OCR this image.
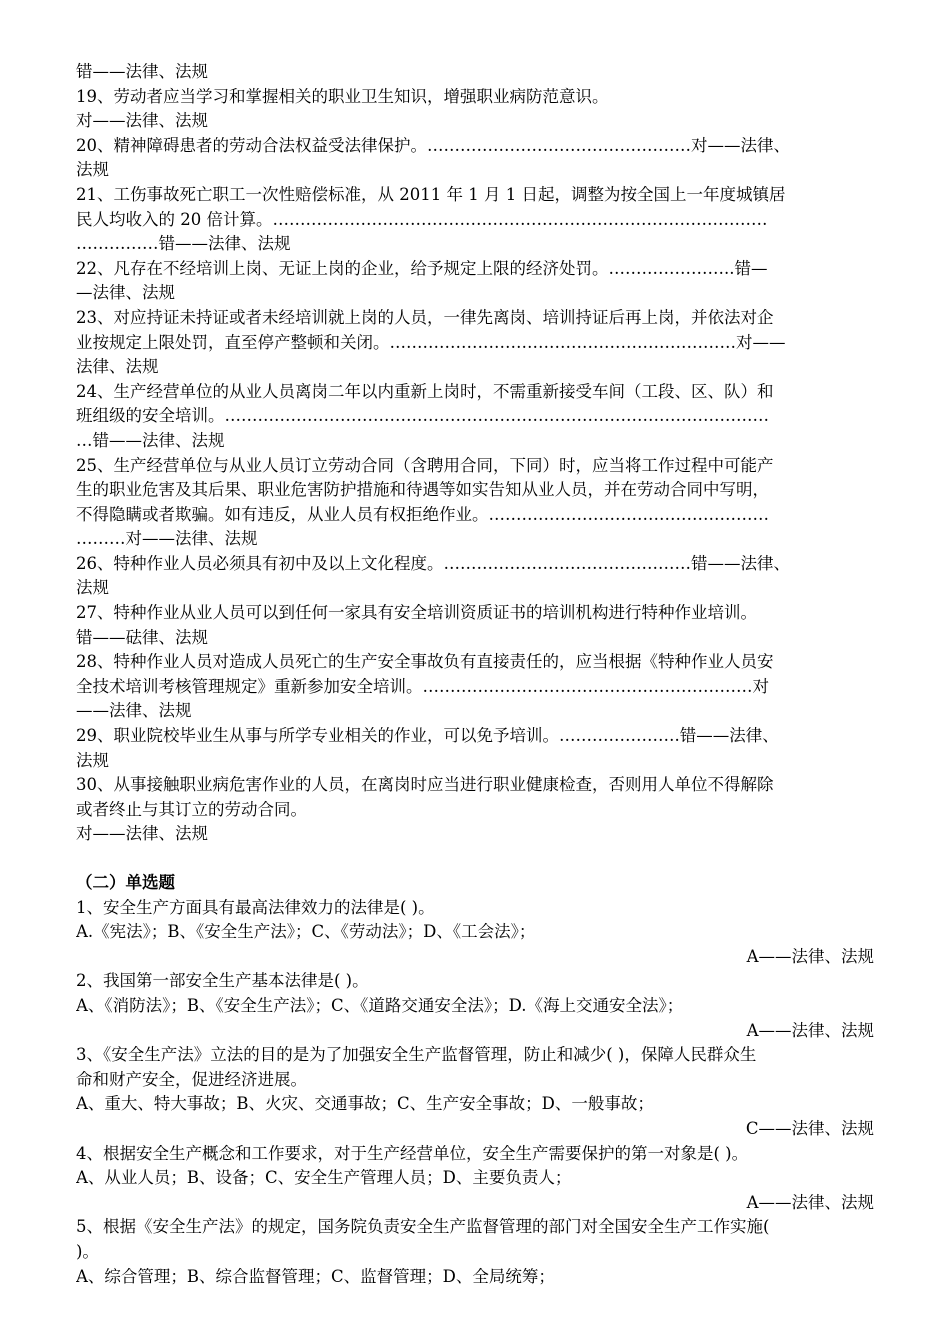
错——法律、法规
19、劳动者应当学习和掌握相关的职业卫生知识，增强职业病防范意识。
对——法律、法规
20、精神障碍患者的劳动合法权益受法律保护。…………………………………………对——法律、
法规
21、工伤事故死亡职工一次性赔偿标准，从 2011 年 1 月 1 日起，调整为按全国上一年度城镇居
民人均收入的 20 倍计算。………………………………………………………………………………
……………错——法律、法规
22、凡存在不经培训上岗、无证上岗的企业，给予规定上限的经济处罚。…………………..错—
—法律、法规
23、对应持证未持证或者未经培训就上岗的人员，一律先离岗、培训持证后再上岗，并依法对企
业按规定上限处罚，直至停产整顿和关闭。………………………………………………………对——
法律、法规
24、生产经营单位的从业人员离岗二年以内重新上岗时，不需重新接受车间（工段、区、队）和
班组级的安全培训。………………………………………………………………………………………
…错——法律、法规
25、生产经营单位与从业人员订立劳动合同（含聘用合同，下同）时，应当将工作过程中可能产
生的职业危害及其后果、职业危害防护措施和待遇等如实告知从业人员，并在劳动合同中写明，
不得隐瞒或者欺骗。如有违反，从业人员有权拒绝作业。……………………………………………
………对——法律、法规
26、特种作业人员必须具有初中及以上文化程度。………………………………………错——法律、
法规
27、特种作业从业人员可以到任何一家具有安全培训资质证书的培训机构进行特种作业培训。
错——砝律、法规
28、特种作业人员对造成人员死亡的生产安全事故负有直接责任的，应当根据《特种作业人员安
全技术培训考核管理规定》重新参加安全培训。……………………………………………………对
——法律、法规
29、职业院校毕业生从事与所学专业相关的作业，可以免予培训。………………….错——法律、
法规
30、从事接触职业病危害作业的人员，在离岗时应当进行职业健康检查，否则用人单位不得解除
或者终止与其订立的劳动合同。
对——法律、法规
（二）单选题
1、安全生产方面具有最高法律效力的法律是( )。
A.《宪法》；B、《安全生产法》；C、《劳动法》；D、《工会法》；
A——法律、法规
2、我国第一部安全生产基本法律是( )。
A、《消防法》；B、《安全生产法》；C、《道路交通安全法》；D.《海上交通安全法》；
A——法律、法规
3、《安全生产法》立法的目的是为了加强安全生产监督管理，防止和减少( )，保障人民群众生
命和财产安全，促进经济进展。
A、重大、特大事故；B、火灾、交通事故；C、生产安全事故；D、一般事故；
C——法律、法规
4、根据安全生产概念和工作要求，对于生产经营单位，安全生产需要保护的第一对象是( )。
A、从业人员；B、设备；C、安全生产管理人员；D、主要负责人；
A——法律、法规
5、根据《安全生产法》的规定，国务院负责安全生产监督管理的部门对全国安全生产工作实施(
)。
A、综合管理；B、综合监督管理；C、监督管理；D、全局统筹；
